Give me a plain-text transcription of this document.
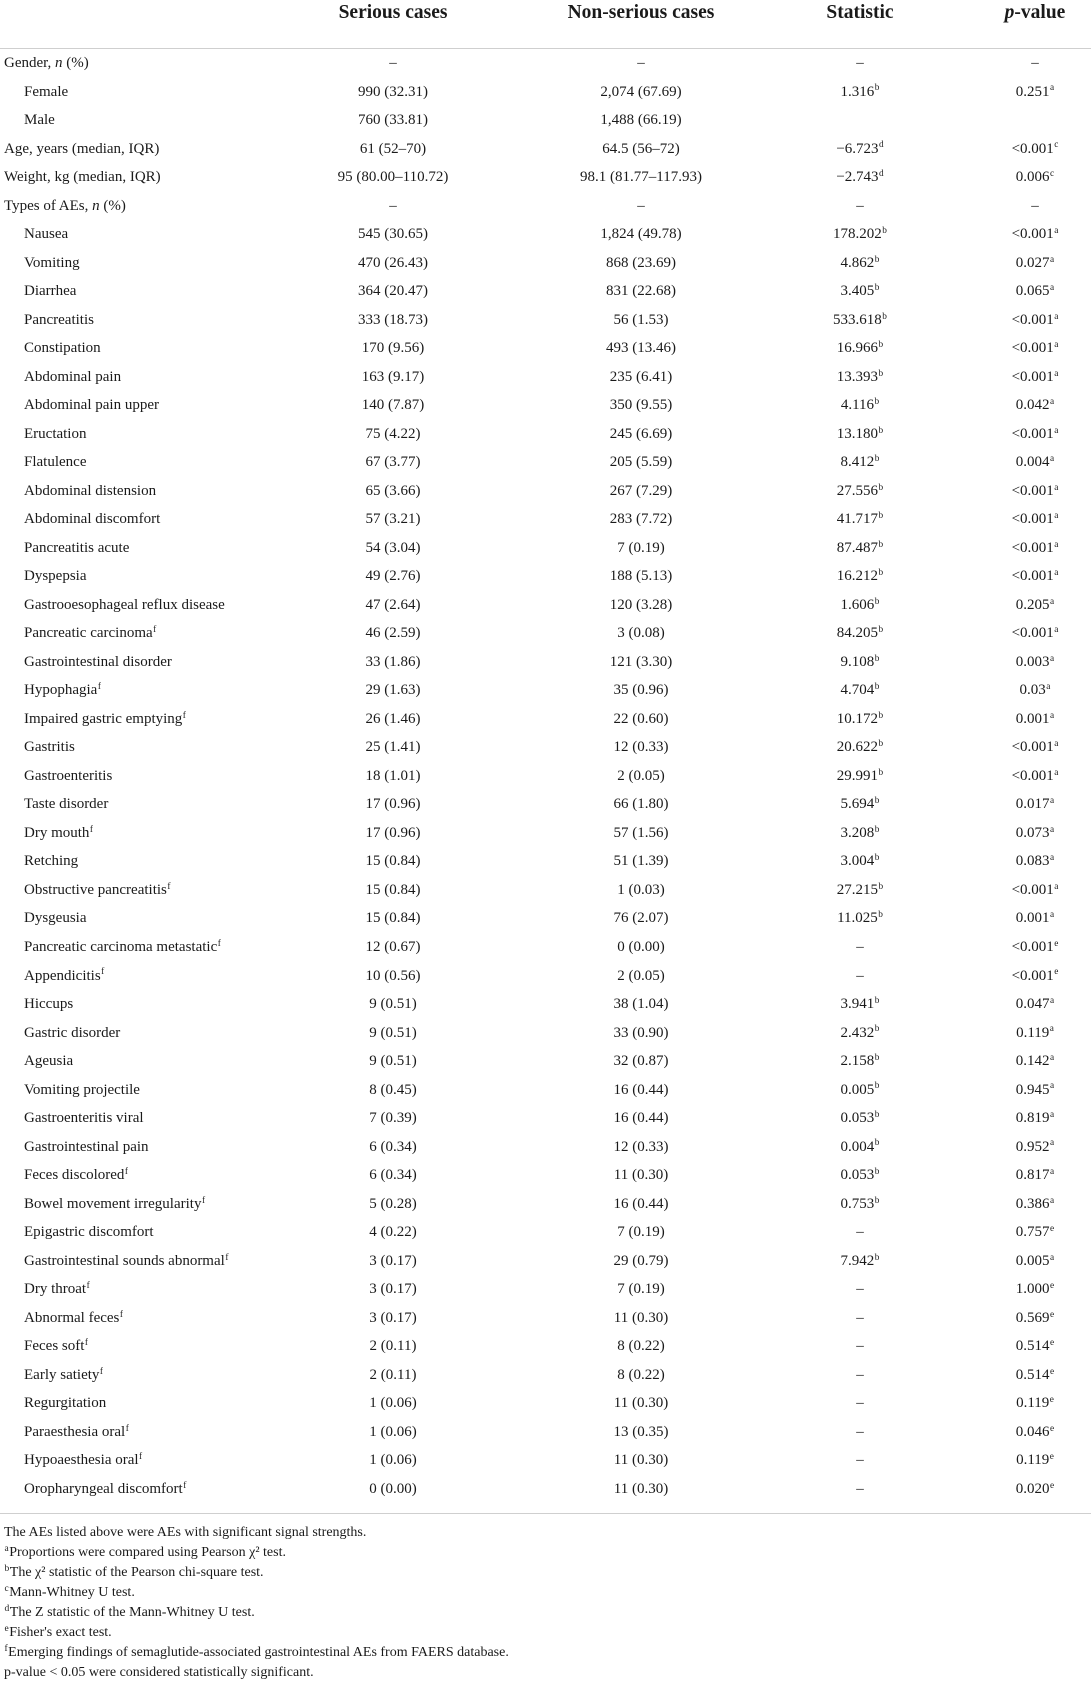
Serious cases	Non-serious cases	Statistic	p-value
Gender, n (%)	–	–	–	–
Female	990 (32.31)	2,074 (67.69)	1.316$^b$	0.251$^a$
Male	760 (33.81)	1,488 (66.19)
Age, years (median, IQR)	61 (52–70)	64.5 (56–72)	−6.723$^d$	<0.001$^c$
Weight, kg (median, IQR)	95 (80.00–110.72)	98.1 (81.77–117.93)	−2.743$^d$	0.006$^c$
Types of AEs, n (%)	–	–	–	–
Nausea	545 (30.65)	1,824 (49.78)	178.202$^b$	<0.001$^a$
Vomiting	470 (26.43)	868 (23.69)	4.862$^b$	0.027$^a$
Diarrhea	364 (20.47)	831 (22.68)	3.405$^b$	0.065$^a$
Pancreatitis	333 (18.73)	56 (1.53)	533.618$^b$	<0.001$^a$
Constipation	170 (9.56)	493 (13.46)	16.966$^b$	<0.001$^a$
Abdominal pain	163 (9.17)	235 (6.41)	13.393$^b$	<0.001$^a$
Abdominal pain upper	140 (7.87)	350 (9.55)	4.116$^b$	0.042$^a$
Eructation	75 (4.22)	245 (6.69)	13.180$^b$	<0.001$^a$
Flatulence	67 (3.77)	205 (5.59)	8.412$^b$	0.004$^a$
Abdominal distension	65 (3.66)	267 (7.29)	27.556$^b$	<0.001$^a$
Abdominal discomfort	57 (3.21)	283 (7.72)	41.717$^b$	<0.001$^a$
Pancreatitis acute	54 (3.04)	7 (0.19)	87.487$^b$	<0.001$^a$
Dyspepsia	49 (2.76)	188 (5.13)	16.212$^b$	<0.001$^a$
Gastrooesophageal reflux disease	47 (2.64)	120 (3.28)	1.606$^b$	0.205$^a$
Pancreatic carcinoma$^f$	46 (2.59)	3 (0.08)	84.205$^b$	<0.001$^a$
Gastrointestinal disorder	33 (1.86)	121 (3.30)	9.108$^b$	0.003$^a$
Hypophagia$^f$	29 (1.63)	35 (0.96)	4.704$^b$	0.03$^a$
Impaired gastric emptying$^f$	26 (1.46)	22 (0.60)	10.172$^b$	0.001$^a$
Gastritis	25 (1.41)	12 (0.33)	20.622$^b$	<0.001$^a$
Gastroenteritis	18 (1.01)	2 (0.05)	29.991$^b$	<0.001$^a$
Taste disorder	17 (0.96)	66 (1.80)	5.694$^b$	0.017$^a$
Dry mouth$^f$	17 (0.96)	57 (1.56)	3.208$^b$	0.073$^a$
Retching	15 (0.84)	51 (1.39)	3.004$^b$	0.083$^a$
Obstructive pancreatitis$^f$	15 (0.84)	1 (0.03)	27.215$^b$	<0.001$^a$
Dysgeusia	15 (0.84)	76 (2.07)	11.025$^b$	0.001$^a$
Pancreatic carcinoma metastatic$^f$	12 (0.67)	0 (0.00)	–	<0.001$^e$
Appendicitis$^f$	10 (0.56)	2 (0.05)	–	<0.001$^e$
Hiccups	9 (0.51)	38 (1.04)	3.941$^b$	0.047$^a$
Gastric disorder	9 (0.51)	33 (0.90)	2.432$^b$	0.119$^a$
Ageusia	9 (0.51)	32 (0.87)	2.158$^b$	0.142$^a$
Vomiting projectile	8 (0.45)	16 (0.44)	0.005$^b$	0.945$^a$
Gastroenteritis viral	7 (0.39)	16 (0.44)	0.053$^b$	0.819$^a$
Gastrointestinal pain	6 (0.34)	12 (0.33)	0.004$^b$	0.952$^a$
Feces discolored$^f$	6 (0.34)	11 (0.30)	0.053$^b$	0.817$^a$
Bowel movement irregularity$^f$	5 (0.28)	16 (0.44)	0.753$^b$	0.386$^a$
Epigastric discomfort	4 (0.22)	7 (0.19)	–	0.757e
Gastrointestinal sounds abnormal$^f$	3 (0.17)	29 (0.79)	7.942$^b$	0.005$^a$
Dry throat$^f$	3 (0.17)	7 (0.19)	–	1.000e
Abnormal feces$^f$	3 (0.17)	11 (0.30)	–	0.569e
Feces soft$^f$	2 (0.11)	8 (0.22)	–	0.514e
Early satiety$^f$	2 (0.11)	8 (0.22)	–	0.514e
Regurgitation	1 (0.06)	11 (0.30)	–	0.119e
Paraesthesia oral$^f$	1 (0.06)	13 (0.35)	–	0.046e
Hypoaesthesia oral$^f$	1 (0.06)	11 (0.30)	–	0.119e
Oropharyngeal discomfort$^f$	0 (0.00)	11 (0.30)	–	0.020e
The AEs listed above were AEs with significant signal strengths.
$^a$Proportions were compared using Pearson χ² test.
$^b$The χ² statistic of the Pearson chi-square test.
$^c$Mann-Whitney U test.
$^d$The Z statistic of the Mann-Whitney U test.
$^e$Fisher's exact test.
$^f$Emerging findings of semaglutide-associated gastrointestinal AEs from FAERS database.
p-value < 0.05 were considered statistically significant.
